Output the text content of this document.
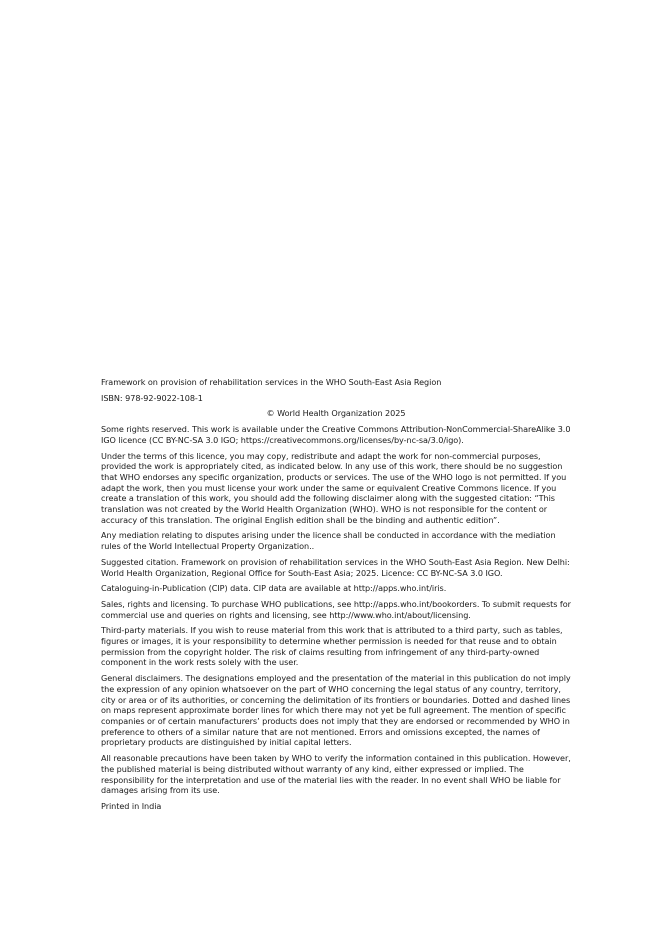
Framework on provision of rehabilitation services in the WHO South-East Asia Region

ISBN: 978-92-9022-108-1

© World Health Organization 2025

Some rights reserved. This work is available under the Creative Commons Attribution-NonCommercial-ShareAlike 3.0 IGO licence (CC BY-NC-SA 3.0 IGO; https://creativecommons.org/licenses/by-nc-sa/3.0/igo).

Under the terms of this licence, you may copy, redistribute and adapt the work for non-commercial purposes, provided the work is appropriately cited, as indicated below. In any use of this work, there should be no suggestion that WHO endorses any specific organization, products or services. The use of the WHO logo is not permitted. If you adapt the work, then you must license your work under the same or equivalent Creative Commons licence. If you create a translation of this work, you should add the following disclaimer along with the suggested citation: “This translation was not created by the World Health Organization (WHO). WHO is not responsible for the content or accuracy of this translation. The original English edition shall be the binding and authentic edition”.

Any mediation relating to disputes arising under the licence shall be conducted in accordance with the mediation rules of the World Intellectual Property Organization..

Suggested citation. Framework on provision of rehabilitation services in the WHO South-East Asia Region. New Delhi: World Health Organization, Regional Office for South-East Asia; 2025. Licence: CC BY-NC-SA 3.0 IGO.

Cataloguing-in-Publication (CIP) data. CIP data are available at http://apps.who.int/iris.

Sales, rights and licensing. To purchase WHO publications, see http://apps.who.int/bookorders. To submit requests for commercial use and queries on rights and licensing, see http://www.who.int/about/licensing.

Third-party materials. If you wish to reuse material from this work that is attributed to a third party, such as tables, figures or images, it is your responsibility to determine whether permission is needed for that reuse and to obtain permission from the copyright holder. The risk of claims resulting from infringement of any third-party-owned component in the work rests solely with the user.

General disclaimers. The designations employed and the presentation of the material in this publication do not imply the expression of any opinion whatsoever on the part of WHO concerning the legal status of any country, territory, city or area or of its authorities, or concerning the delimitation of its frontiers or boundaries. Dotted and dashed lines on maps represent approximate border lines for which there may not yet be full agreement. The mention of specific companies or of certain manufacturers’ products does not imply that they are endorsed or recommended by WHO in preference to others of a similar nature that are not mentioned. Errors and omissions excepted, the names of proprietary products are distinguished by initial capital letters.

All reasonable precautions have been taken by WHO to verify the information contained in this publication. However, the published material is being distributed without warranty of any kind, either expressed or implied. The responsibility for the interpretation and use of the material lies with the reader. In no event shall WHO be liable for damages arising from its use.

Printed in India
